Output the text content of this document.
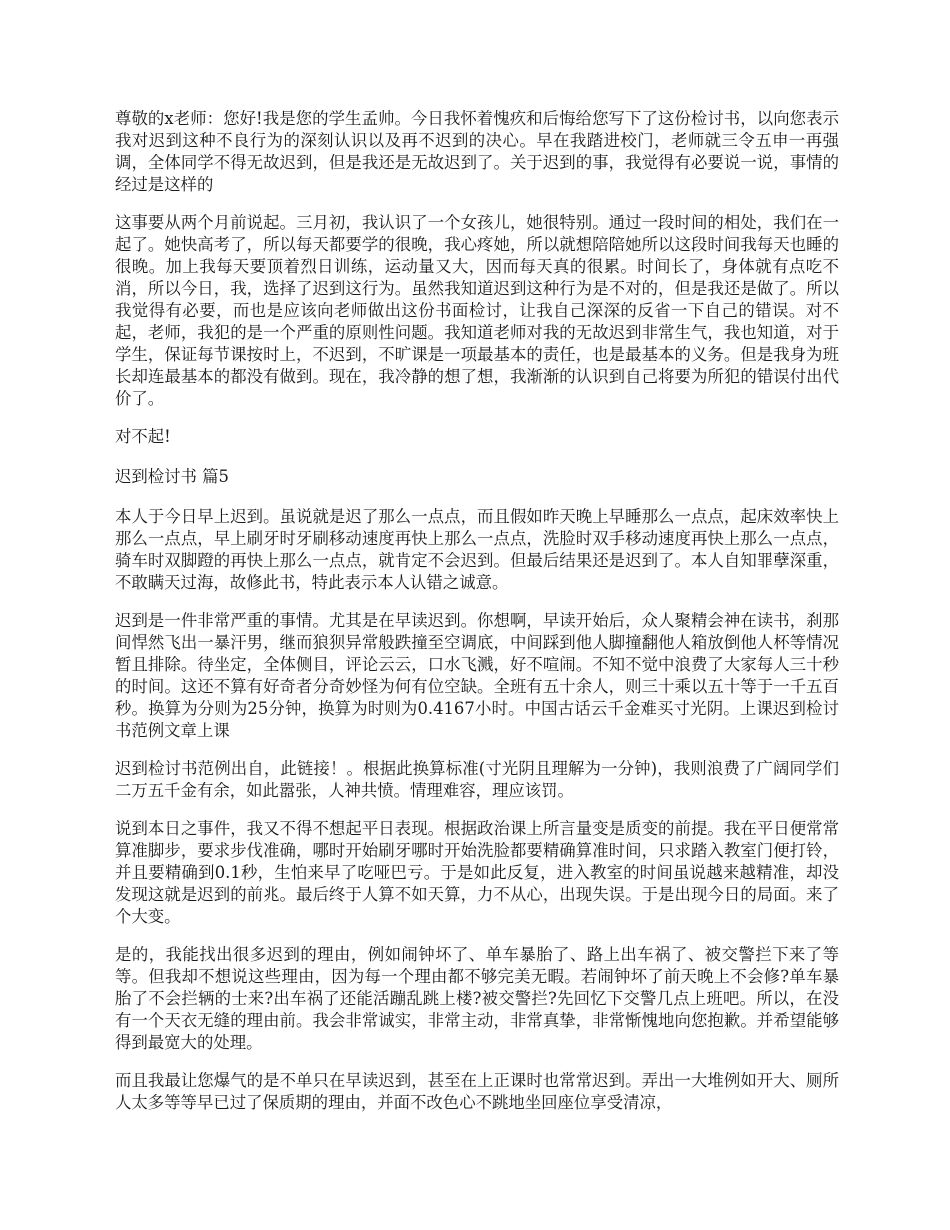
尊敬的x老师：您好!我是您的学生孟帅。今日我怀着愧疚和后悔给您写下了这份检讨书，以向您表示我对迟到这种不良行为的深刻认识以及再不迟到的决心。早在我踏进校门，老师就三令五申一再强调，全体同学不得无故迟到，但是我还是无故迟到了。关于迟到的事，我觉得有必要说一说，事情的经过是这样的

这事要从两个月前说起。三月初，我认识了一个女孩儿，她很特别。通过一段时间的相处，我们在一起了。她快高考了，所以每天都要学的很晚，我心疼她，所以就想陪陪她所以这段时间我每天也睡的很晚。加上我每天要顶着烈日训练，运动量又大，因而每天真的很累。时间长了，身体就有点吃不消，所以今日，我，选择了迟到这行为。虽然我知道迟到这种行为是不对的，但是我还是做了。所以我觉得有必要，而也是应该向老师做出这份书面检讨，让我自己深深的反省一下自己的错误。对不起，老师，我犯的是一个严重的原则性问题。我知道老师对我的无故迟到非常生气，我也知道，对于学生，保证每节课按时上，不迟到，不旷课是一项最基本的责任，也是最基本的义务。但是我身为班长却连最基本的都没有做到。现在，我冷静的想了想，我渐渐的认识到自己将要为所犯的错误付出代价了。

对不起!

迟到检讨书 篇5

本人于今日早上迟到。虽说就是迟了那么一点点，而且假如昨天晚上早睡那么一点点，起床效率快上那么一点点，早上刷牙时牙刷移动速度再快上那么一点点，洗脸时双手移动速度再快上那么一点点，骑车时双脚蹬的再快上那么一点点，就肯定不会迟到。但最后结果还是迟到了。本人自知罪孽深重，不敢瞒天过海，故修此书，特此表示本人认错之诚意。

迟到是一件非常严重的事情。尤其是在早读迟到。你想啊，早读开始后，众人聚精会神在读书，刹那间悍然飞出一暴汗男，继而狼狈异常般跌撞至空调底，中间踩到他人脚撞翻他人箱放倒他人杯等情况暂且排除。待坐定，全体侧目，评论云云，口水飞溅，好不喧闹。不知不觉中浪费了大家每人三十秒的时间。这还不算有好奇者分奇妙怪为何有位空缺。全班有五十余人，则三十乘以五十等于一千五百秒。换算为分则为25分钟，换算为时则为0.4167小时。中国古话云千金难买寸光阴。上课迟到检讨书范例文章上课

迟到检讨书范例出自，此链接！。根据此换算标准(寸光阴且理解为一分钟)，我则浪费了广阔同学们二万五千金有余，如此嚣张，人神共愤。情理难容，理应该罚。

说到本日之事件，我又不得不想起平日表现。根据政治课上所言量变是质变的前提。我在平日便常常算准脚步，要求步伐准确，哪时开始刷牙哪时开始洗脸都要精确算准时间，只求踏入教室门便打铃，并且要精确到0.1秒，生怕来早了吃哑巴亏。于是如此反复，进入教室的时间虽说越来越精准，却没发现这就是迟到的前兆。最后终于人算不如天算，力不从心，出现失误。于是出现今日的局面。来了个大变。

是的，我能找出很多迟到的理由，例如闹钟坏了、单车暴胎了、路上出车祸了、被交警拦下来了等等。但我却不想说这些理由，因为每一个理由都不够完美无暇。若闹钟坏了前天晚上不会修?单车暴胎了不会拦辆的士来?出车祸了还能活蹦乱跳上楼?被交警拦?先回忆下交警几点上班吧。所以，在没有一个天衣无缝的理由前。我会非常诚实，非常主动，非常真挚，非常惭愧地向您抱歉。并希望能够得到最宽大的处理。

而且我最让您爆气的是不单只在早读迟到，甚至在上正课时也常常迟到。弄出一大堆例如开大、厕所人太多等等早已过了保质期的理由，并面不改色心不跳地坐回座位享受清凉，
